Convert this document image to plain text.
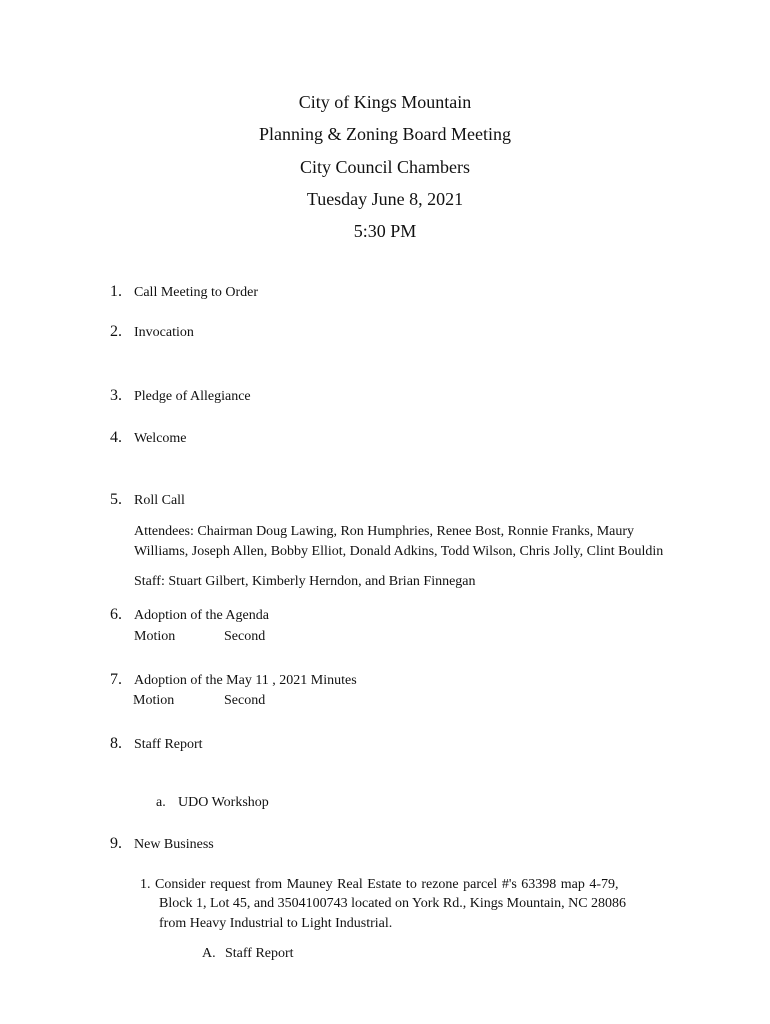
City of Kings Mountain
Planning & Zoning Board Meeting
City Council Chambers
Tuesday June 8, 2021
5:30 PM
1. Call Meeting to Order
2. Invocation
3. Pledge of Allegiance
4. Welcome
5. Roll Call
Attendees: Chairman Doug Lawing, Ron Humphries, Renee Bost, Ronnie Franks, Maury
Williams, Joseph Allen, Bobby Elliot, Donald Adkins, Todd Wilson, Chris Jolly, Clint Bouldin
Staff: Stuart Gilbert, Kimberly Herndon, and Brian Finnegan
6. Adoption of the Agenda
Motion	Second
7. Adoption of the May 11 , 2021 Minutes
Motion	Second
8. Staff Report
a. UDO Workshop
9. New Business
1. Consider request from Mauney Real Estate to rezone parcel #'s 63398 map 4-79,
Block 1, Lot 45, and 3504100743 located on York Rd., Kings Mountain, NC 28086
from Heavy Industrial to Light Industrial.
A. Staff Report
